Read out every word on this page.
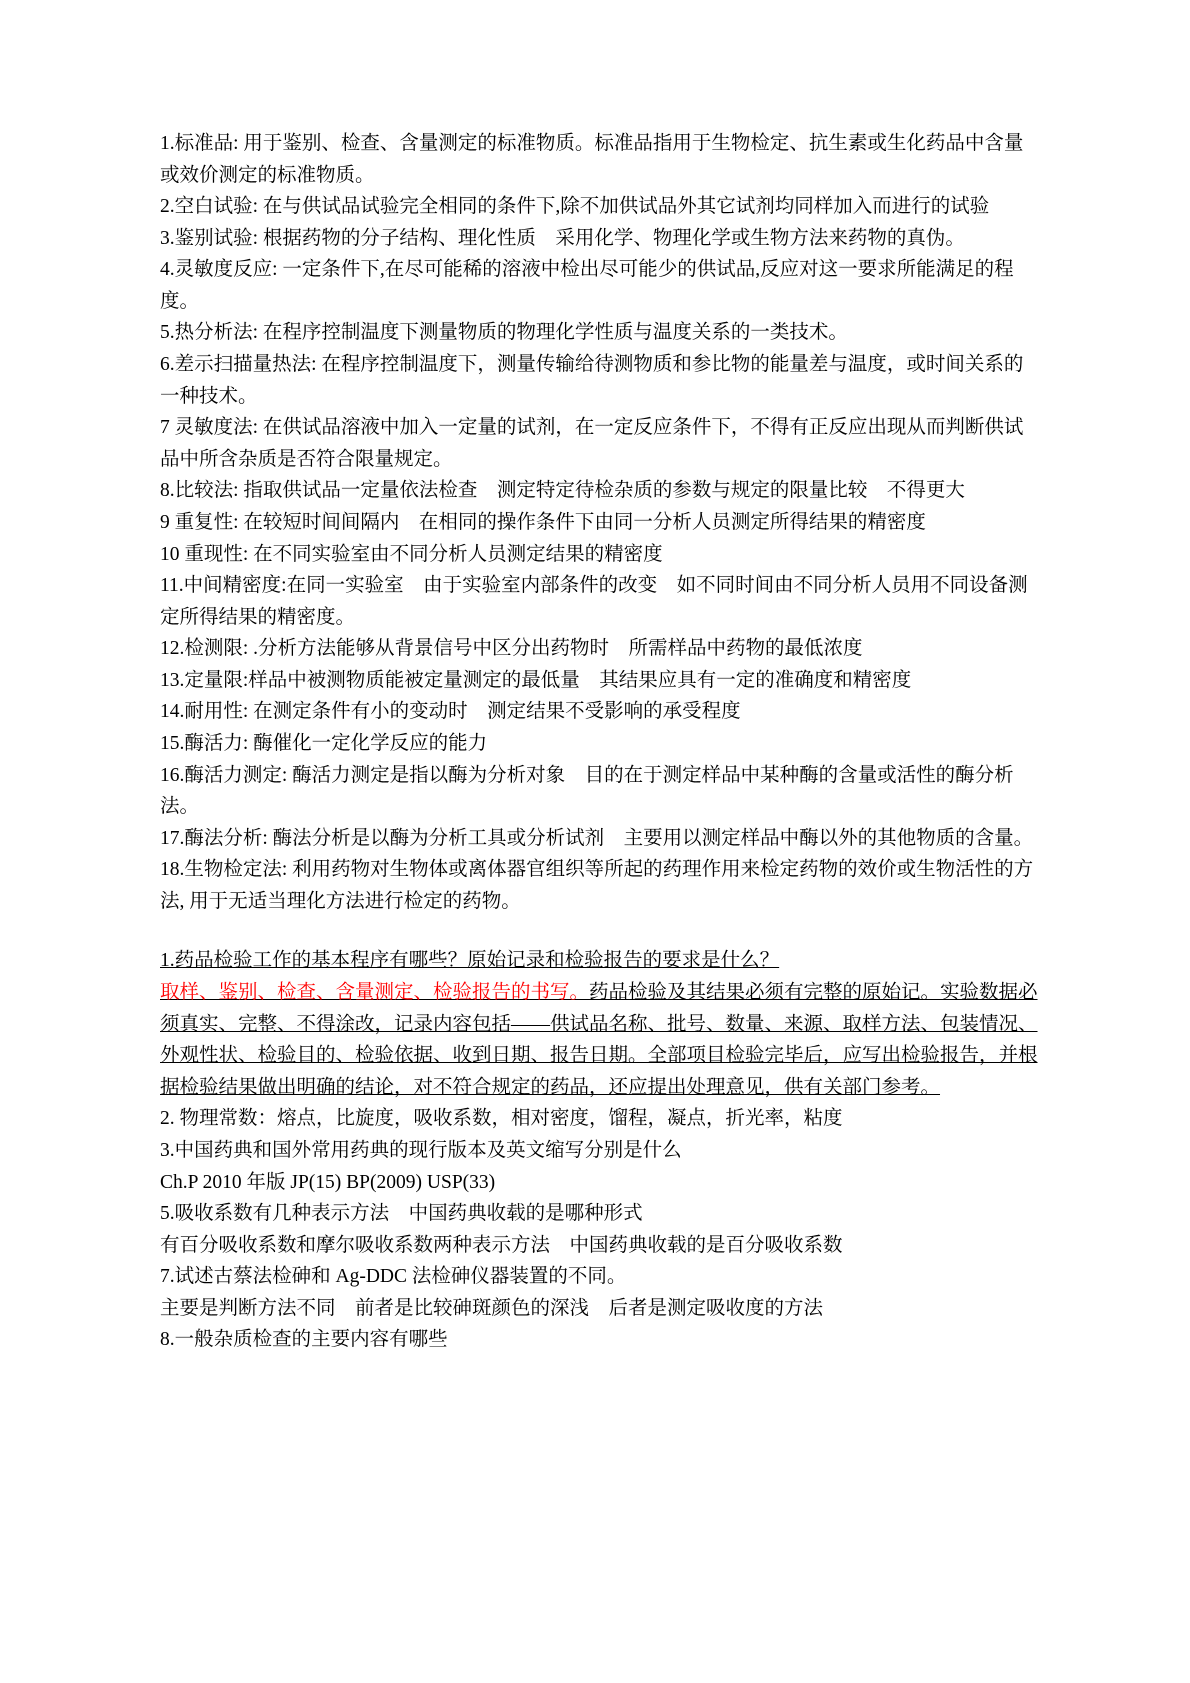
1.标准品: 用于鉴别、检查、含量测定的标准物质。标准品指用于生物检定、抗生素或生化药品中含量或效价测定的标准物质。

2.空白试验: 在与供试品试验完全相同的条件下,除不加供试品外其它试剂均同样加入而进行的试验

3.鉴别试验: 根据药物的分子结构、理化性质　采用化学、物理化学或生物方法来药物的真伪。

4.灵敏度反应: 一定条件下,在尽可能稀的溶液中检出尽可能少的供试品,反应对这一要求所能满足的程度。

5.热分析法: 在程序控制温度下测量物质的物理化学性质与温度关系的一类技术。

6.差示扫描量热法: 在程序控制温度下，测量传输给待测物质和参比物的能量差与温度，或时间关系的一种技术。

7 灵敏度法: 在供试品溶液中加入一定量的试剂，在一定反应条件下，不得有正反应出现从而判断供试品中所含杂质是否符合限量规定。

8.比较法: 指取供试品一定量依法检查　测定特定待检杂质的参数与规定的限量比较　不得更大

9 重复性: 在较短时间间隔内　在相同的操作条件下由同一分析人员测定所得结果的精密度

10 重现性: 在不同实验室由不同分析人员测定结果的精密度

11.中间精密度:在同一实验室　由于实验室内部条件的改变　如不同时间由不同分析人员用不同设备测定所得结果的精密度。

12.检测限: .分析方法能够从背景信号中区分出药物时　所需样品中药物的最低浓度

13.定量限:样品中被测物质能被定量测定的最低量　其结果应具有一定的准确度和精密度

14.耐用性: 在测定条件有小的变动时　测定结果不受影响的承受程度

15.酶活力: 酶催化一定化学反应的能力

16.酶活力测定: 酶活力测定是指以酶为分析对象　目的在于测定样品中某种酶的含量或活性的酶分析法。

17.酶法分析: 酶法分析是以酶为分析工具或分析试剂　主要用以测定样品中酶以外的其他物质的含量。

18.生物检定法: 利用药物对生物体或离体器官组织等所起的药理作用来检定药物的效价或生物活性的方法, 用于无适当理化方法进行检定的药物。

1.药品检验工作的基本程序有哪些？原始记录和检验报告的要求是什么？

取样、鉴别、检查、含量测定、检验报告的书写。药品检验及其结果必须有完整的原始记。实验数据必须真实、完整、不得涂改，记录内容包括——供试品名称、批号、数量、来源、取样方法、包装情况、外观性状、检验目的、检验依据、收到日期、报告日期。全部项目检验完毕后，应写出检验报告，并根据检验结果做出明确的结论，对不符合规定的药品，还应提出处理意见，供有关部门参考。

2. 物理常数：熔点，比旋度，吸收系数，相对密度，馏程，凝点，折光率，粘度

3.中国药典和国外常用药典的现行版本及英文缩写分别是什么

Ch.P 2010 年版 JP(15) BP(2009) USP(33)

5.吸收系数有几种表示方法　中国药典收载的是哪种形式

有百分吸收系数和摩尔吸收系数两种表示方法　中国药典收载的是百分吸收系数

7.试述古蔡法检砷和 Ag-DDC 法检砷仪器装置的不同。

主要是判断方法不同　前者是比较砷斑颜色的深浅　后者是测定吸收度的方法

8.一般杂质检查的主要内容有哪些
